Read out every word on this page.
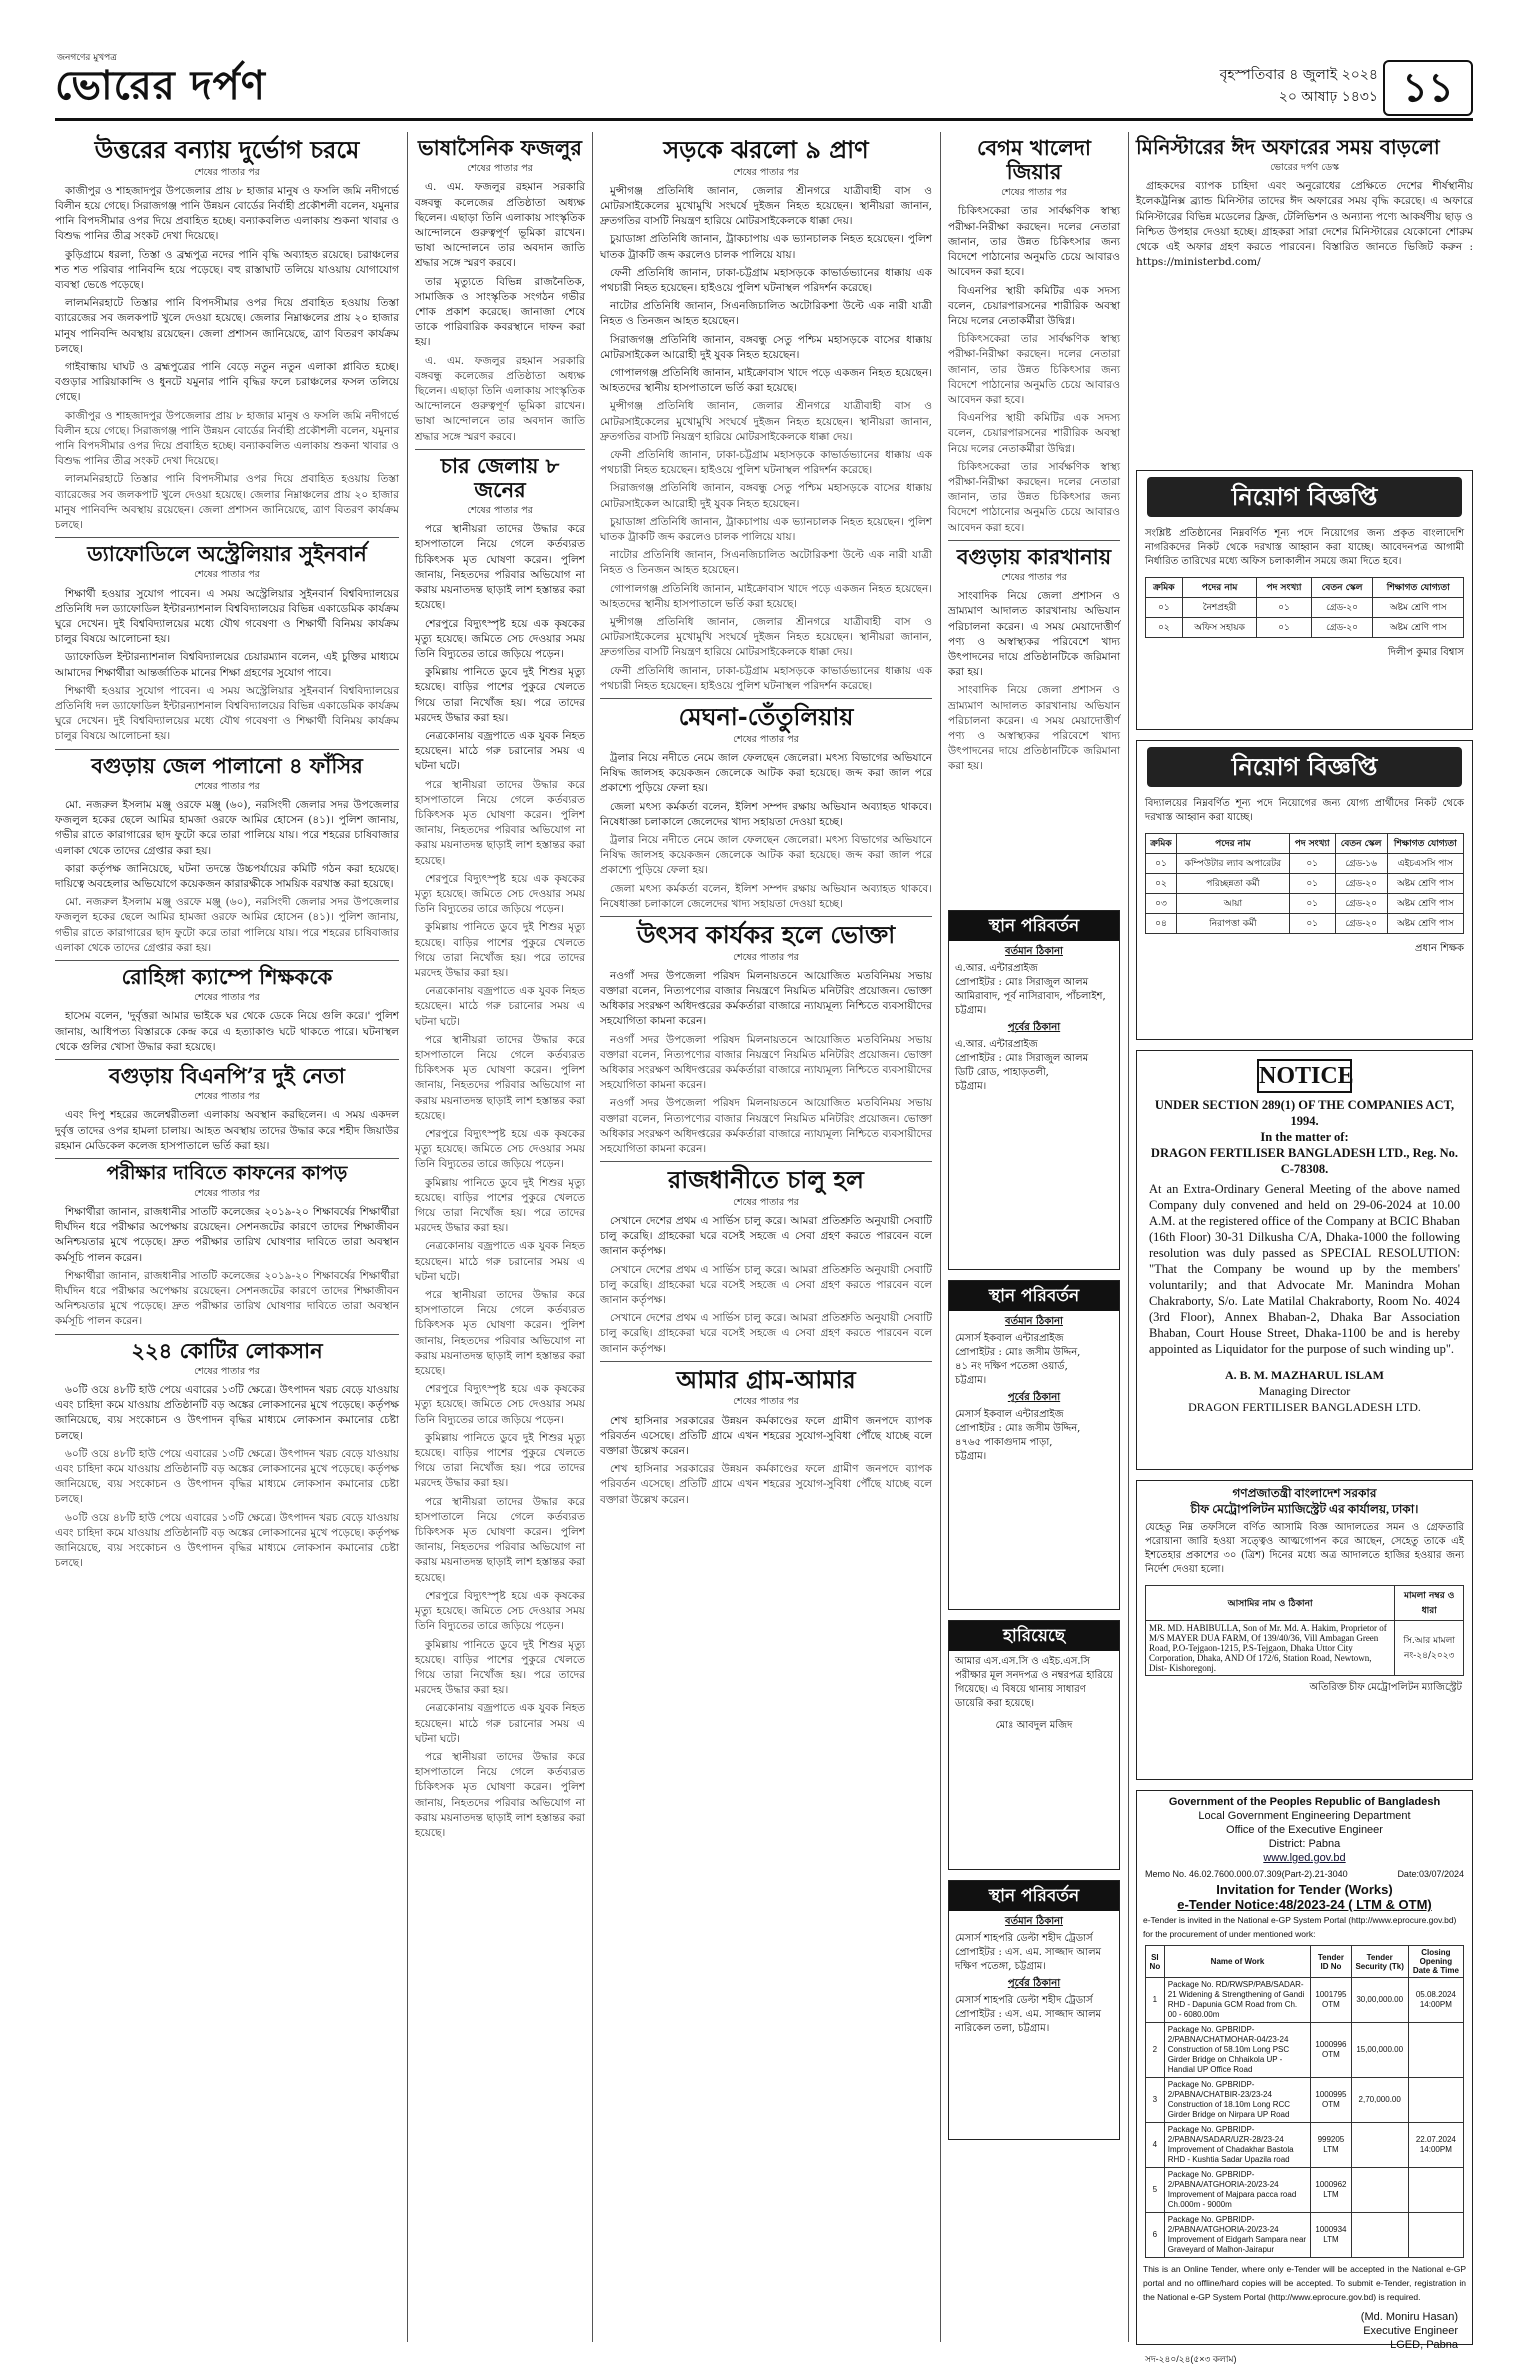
জনগণের মুখপত্র
ভোরের দর্পণ	বৃহস্পতিবার ৪ জুলাই ২০২৪
২০ আষাঢ় ১৪৩১ ১১
উত্তরের বন্যায় দুর্ভোগ চরমে
শেষের পাতার পর

কাজীপুর ও শাহজাদপুর উপজেলার প্রায় ৮ হাজার মানুষ ও ফসলি জমি নদীগর্ভে বিলীন হয়ে গেছে। সিরাজগঞ্জ পানি উন্নয়ন বোর্ডের নির্বাহী প্রকৌশলী বলেন, যমুনার পানি বিপদসীমার ওপর দিয়ে প্রবাহিত হচ্ছে। বন্যাকবলিত এলাকায় শুকনা খাবার ও বিশুদ্ধ পানির তীব্র সংকট দেখা দিয়েছে।

কুড়িগ্রামে ধরলা, তিস্তা ও ব্রহ্মপুত্র নদের পানি বৃদ্ধি অব্যাহত রয়েছে। চরাঞ্চলের শত শত পরিবার পানিবন্দি হয়ে পড়েছে। বহু রাস্তাঘাট তলিয়ে যাওয়ায় যোগাযোগ ব্যবস্থা ভেঙে পড়েছে।

লালমনিরহাটে তিস্তার পানি বিপদসীমার ওপর দিয়ে প্রবাহিত হওয়ায় তিস্তা ব্যারেজের সব জলকপাট খুলে দেওয়া হয়েছে। জেলার নিম্নাঞ্চলের প্রায় ২০ হাজার মানুষ পানিবন্দি অবস্থায় রয়েছেন। জেলা প্রশাসন জানিয়েছে, ত্রাণ বিতরণ কার্যক্রম চলছে।

গাইবান্ধায় ঘাঘট ও ব্রহ্মপুত্রের পানি বেড়ে নতুন নতুন এলাকা প্লাবিত হচ্ছে। বগুড়ার সারিয়াকান্দি ও ধুনটে যমুনার পানি বৃদ্ধির ফলে চরাঞ্চলের ফসল তলিয়ে গেছে।

কাজীপুর ও শাহজাদপুর উপজেলার প্রায় ৮ হাজার মানুষ ও ফসলি জমি নদীগর্ভে বিলীন হয়ে গেছে। সিরাজগঞ্জ পানি উন্নয়ন বোর্ডের নির্বাহী প্রকৌশলী বলেন, যমুনার পানি বিপদসীমার ওপর দিয়ে প্রবাহিত হচ্ছে। বন্যাকবলিত এলাকায় শুকনা খাবার ও বিশুদ্ধ পানির তীব্র সংকট দেখা দিয়েছে।

লালমনিরহাটে তিস্তার পানি বিপদসীমার ওপর দিয়ে প্রবাহিত হওয়ায় তিস্তা ব্যারেজের সব জলকপাট খুলে দেওয়া হয়েছে। জেলার নিম্নাঞ্চলের প্রায় ২০ হাজার মানুষ পানিবন্দি অবস্থায় রয়েছেন। জেলা প্রশাসন জানিয়েছে, ত্রাণ বিতরণ কার্যক্রম চলছে।

ড্যাফোডিলে অস্ট্রেলিয়ার সুইনবার্ন
শেষের পাতার পর

শিক্ষার্থী হওয়ার সুযোগ পাবেন। এ সময় অস্ট্রেলিয়ার সুইনবার্ন বিশ্ববিদ্যালয়ের প্রতিনিধি দল ড্যাফোডিল ইন্টারন্যাশনাল বিশ্ববিদ্যালয়ের বিভিন্ন একাডেমিক কার্যক্রম ঘুরে দেখেন। দুই বিশ্ববিদ্যালয়ের মধ্যে যৌথ গবেষণা ও শিক্ষার্থী বিনিময় কার্যক্রম চালুর বিষয়ে আলোচনা হয়।

ড্যাফোডিল ইন্টারন্যাশনাল বিশ্ববিদ্যালয়ের চেয়ারম্যান বলেন, এই চুক্তির মাধ্যমে আমাদের শিক্ষার্থীরা আন্তর্জাতিক মানের শিক্ষা গ্রহণের সুযোগ পাবে।

শিক্ষার্থী হওয়ার সুযোগ পাবেন। এ সময় অস্ট্রেলিয়ার সুইনবার্ন বিশ্ববিদ্যালয়ের প্রতিনিধি দল ড্যাফোডিল ইন্টারন্যাশনাল বিশ্ববিদ্যালয়ের বিভিন্ন একাডেমিক কার্যক্রম ঘুরে দেখেন। দুই বিশ্ববিদ্যালয়ের মধ্যে যৌথ গবেষণা ও শিক্ষার্থী বিনিময় কার্যক্রম চালুর বিষয়ে আলোচনা হয়।

বগুড়ায় জেল পালানো ৪ ফাঁসির
শেষের পাতার পর

মো. নজরুল ইসলাম মঞ্জু ওরফে মঞ্জু (৬০), নরসিংদী জেলার সদর উপজেলার ফজলুল হকের ছেলে আমির হামজা ওরফে আমির হোসেন (৪১)। পুলিশ জানায়, গভীর রাতে কারাগারের ছাদ ফুটো করে তারা পালিয়ে যায়। পরে শহরের চাষিবাজার এলাকা থেকে তাদের গ্রেপ্তার করা হয়।

কারা কর্তৃপক্ষ জানিয়েছে, ঘটনা তদন্তে উচ্চপর্যায়ের কমিটি গঠন করা হয়েছে। দায়িত্বে অবহেলার অভিযোগে কয়েকজন কারারক্ষীকে সাময়িক বরখাস্ত করা হয়েছে।

মো. নজরুল ইসলাম মঞ্জু ওরফে মঞ্জু (৬০), নরসিংদী জেলার সদর উপজেলার ফজলুল হকের ছেলে আমির হামজা ওরফে আমির হোসেন (৪১)। পুলিশ জানায়, গভীর রাতে কারাগারের ছাদ ফুটো করে তারা পালিয়ে যায়। পরে শহরের চাষিবাজার এলাকা থেকে তাদের গ্রেপ্তার করা হয়।

রোহিঙ্গা ক্যাম্পে শিক্ষককে
শেষের পাতার পর

হাসেম বলেন, 'দুর্বৃত্তরা আমার ভাইকে ঘর থেকে ডেকে নিয়ে গুলি করে।' পুলিশ জানায়, আধিপত্য বিস্তারকে কেন্দ্র করে এ হত্যাকাণ্ড ঘটে থাকতে পারে। ঘটনাস্থল থেকে গুলির খোসা উদ্ধার করা হয়েছে।

বগুড়ায় বিএনপি’র দুই নেতা
শেষের পাতার পর

এবং দিপু শহরের জলেশ্বরীতলা এলাকায় অবস্থান করছিলেন। এ সময় একদল দুর্বৃত্ত তাদের ওপর হামলা চালায়। আহত অবস্থায় তাদের উদ্ধার করে শহীদ জিয়াউর রহমান মেডিকেল কলেজ হাসপাতালে ভর্তি করা হয়।

পরীক্ষার দাবিতে কাফনের কাপড়
শেষের পাতার পর

শিক্ষার্থীরা জানান, রাজধানীর সাতটি কলেজের ২০১৯-২০ শিক্ষাবর্ষের শিক্ষার্থীরা দীর্ঘদিন ধরে পরীক্ষার অপেক্ষায় রয়েছেন। সেশনজটের কারণে তাদের শিক্ষাজীবন অনিশ্চয়তার মুখে পড়েছে। দ্রুত পরীক্ষার তারিখ ঘোষণার দাবিতে তারা অবস্থান কর্মসূচি পালন করেন।

শিক্ষার্থীরা জানান, রাজধানীর সাতটি কলেজের ২০১৯-২০ শিক্ষাবর্ষের শিক্ষার্থীরা দীর্ঘদিন ধরে পরীক্ষার অপেক্ষায় রয়েছেন। সেশনজটের কারণে তাদের শিক্ষাজীবন অনিশ্চয়তার মুখে পড়েছে। দ্রুত পরীক্ষার তারিখ ঘোষণার দাবিতে তারা অবস্থান কর্মসূচি পালন করেন।

২২৪ কোটির লোকসান
শেষের পাতার পর

৬০টি ওয়ে ৪৮টি হাউ পেয়ে এবারের ১৩টি ক্ষেত্রে। উৎপাদন খরচ বেড়ে যাওয়ায় এবং চাহিদা কমে যাওয়ায় প্রতিষ্ঠানটি বড় অঙ্কের লোকসানের মুখে পড়েছে। কর্তৃপক্ষ জানিয়েছে, ব্যয় সংকোচন ও উৎপাদন বৃদ্ধির মাধ্যমে লোকসান কমানোর চেষ্টা চলছে।

৬০টি ওয়ে ৪৮টি হাউ পেয়ে এবারের ১৩টি ক্ষেত্রে। উৎপাদন খরচ বেড়ে যাওয়ায় এবং চাহিদা কমে যাওয়ায় প্রতিষ্ঠানটি বড় অঙ্কের লোকসানের মুখে পড়েছে। কর্তৃপক্ষ জানিয়েছে, ব্যয় সংকোচন ও উৎপাদন বৃদ্ধির মাধ্যমে লোকসান কমানোর চেষ্টা চলছে।

৬০টি ওয়ে ৪৮টি হাউ পেয়ে এবারের ১৩টি ক্ষেত্রে। উৎপাদন খরচ বেড়ে যাওয়ায় এবং চাহিদা কমে যাওয়ায় প্রতিষ্ঠানটি বড় অঙ্কের লোকসানের মুখে পড়েছে। কর্তৃপক্ষ জানিয়েছে, ব্যয় সংকোচন ও উৎপাদন বৃদ্ধির মাধ্যমে লোকসান কমানোর চেষ্টা চলছে।

ভাষাসৈনিক ফজলুর
শেষের পাতার পর

এ. এম. ফজলুর রহমান সরকারি বঙ্গবন্ধু কলেজের প্রতিষ্ঠাতা অধ্যক্ষ ছিলেন। এছাড়া তিনি এলাকায় সাংস্কৃতিক আন্দোলনে গুরুত্বপূর্ণ ভূমিকা রাখেন। ভাষা আন্দোলনে তার অবদান জাতি শ্রদ্ধার সঙ্গে স্মরণ করবে।

তার মৃত্যুতে বিভিন্ন রাজনৈতিক, সামাজিক ও সাংস্কৃতিক সংগঠন গভীর শোক প্রকাশ করেছে। জানাজা শেষে তাকে পারিবারিক কবরস্থানে দাফন করা হয়।

এ. এম. ফজলুর রহমান সরকারি বঙ্গবন্ধু কলেজের প্রতিষ্ঠাতা অধ্যক্ষ ছিলেন। এছাড়া তিনি এলাকায় সাংস্কৃতিক আন্দোলনে গুরুত্বপূর্ণ ভূমিকা রাখেন। ভাষা আন্দোলনে তার অবদান জাতি শ্রদ্ধার সঙ্গে স্মরণ করবে।

চার জেলায় ৮ জনের
শেষের পাতার পর

পরে স্থানীয়রা তাদের উদ্ধার করে হাসপাতালে নিয়ে গেলে কর্তব্যরত চিকিৎসক মৃত ঘোষণা করেন। পুলিশ জানায়, নিহতদের পরিবার অভিযোগ না করায় ময়নাতদন্ত ছাড়াই লাশ হস্তান্তর করা হয়েছে।

শেরপুরে বিদ্যুৎস্পৃষ্ট হয়ে এক কৃষকের মৃত্যু হয়েছে। জমিতে সেচ দেওয়ার সময় তিনি বিদ্যুতের তারে জড়িয়ে পড়েন।

কুমিল্লায় পানিতে ডুবে দুই শিশুর মৃত্যু হয়েছে। বাড়ির পাশের পুকুরে খেলতে গিয়ে তারা নিখোঁজ হয়। পরে তাদের মরদেহ উদ্ধার করা হয়।

নেত্রকোনায় বজ্রপাতে এক যুবক নিহত হয়েছেন। মাঠে গরু চরানোর সময় এ ঘটনা ঘটে।

পরে স্থানীয়রা তাদের উদ্ধার করে হাসপাতালে নিয়ে গেলে কর্তব্যরত চিকিৎসক মৃত ঘোষণা করেন। পুলিশ জানায়, নিহতদের পরিবার অভিযোগ না করায় ময়নাতদন্ত ছাড়াই লাশ হস্তান্তর করা হয়েছে।

শেরপুরে বিদ্যুৎস্পৃষ্ট হয়ে এক কৃষকের মৃত্যু হয়েছে। জমিতে সেচ দেওয়ার সময় তিনি বিদ্যুতের তারে জড়িয়ে পড়েন।

কুমিল্লায় পানিতে ডুবে দুই শিশুর মৃত্যু হয়েছে। বাড়ির পাশের পুকুরে খেলতে গিয়ে তারা নিখোঁজ হয়। পরে তাদের মরদেহ উদ্ধার করা হয়।

নেত্রকোনায় বজ্রপাতে এক যুবক নিহত হয়েছেন। মাঠে গরু চরানোর সময় এ ঘটনা ঘটে।

পরে স্থানীয়রা তাদের উদ্ধার করে হাসপাতালে নিয়ে গেলে কর্তব্যরত চিকিৎসক মৃত ঘোষণা করেন। পুলিশ জানায়, নিহতদের পরিবার অভিযোগ না করায় ময়নাতদন্ত ছাড়াই লাশ হস্তান্তর করা হয়েছে।

শেরপুরে বিদ্যুৎস্পৃষ্ট হয়ে এক কৃষকের মৃত্যু হয়েছে। জমিতে সেচ দেওয়ার সময় তিনি বিদ্যুতের তারে জড়িয়ে পড়েন।

কুমিল্লায় পানিতে ডুবে দুই শিশুর মৃত্যু হয়েছে। বাড়ির পাশের পুকুরে খেলতে গিয়ে তারা নিখোঁজ হয়। পরে তাদের মরদেহ উদ্ধার করা হয়।

নেত্রকোনায় বজ্রপাতে এক যুবক নিহত হয়েছেন। মাঠে গরু চরানোর সময় এ ঘটনা ঘটে।

পরে স্থানীয়রা তাদের উদ্ধার করে হাসপাতালে নিয়ে গেলে কর্তব্যরত চিকিৎসক মৃত ঘোষণা করেন। পুলিশ জানায়, নিহতদের পরিবার অভিযোগ না করায় ময়নাতদন্ত ছাড়াই লাশ হস্তান্তর করা হয়েছে।

শেরপুরে বিদ্যুৎস্পৃষ্ট হয়ে এক কৃষকের মৃত্যু হয়েছে। জমিতে সেচ দেওয়ার সময় তিনি বিদ্যুতের তারে জড়িয়ে পড়েন।

কুমিল্লায় পানিতে ডুবে দুই শিশুর মৃত্যু হয়েছে। বাড়ির পাশের পুকুরে খেলতে গিয়ে তারা নিখোঁজ হয়। পরে তাদের মরদেহ উদ্ধার করা হয়।

পরে স্থানীয়রা তাদের উদ্ধার করে হাসপাতালে নিয়ে গেলে কর্তব্যরত চিকিৎসক মৃত ঘোষণা করেন। পুলিশ জানায়, নিহতদের পরিবার অভিযোগ না করায় ময়নাতদন্ত ছাড়াই লাশ হস্তান্তর করা হয়েছে।

শেরপুরে বিদ্যুৎস্পৃষ্ট হয়ে এক কৃষকের মৃত্যু হয়েছে। জমিতে সেচ দেওয়ার সময় তিনি বিদ্যুতের তারে জড়িয়ে পড়েন।

কুমিল্লায় পানিতে ডুবে দুই শিশুর মৃত্যু হয়েছে। বাড়ির পাশের পুকুরে খেলতে গিয়ে তারা নিখোঁজ হয়। পরে তাদের মরদেহ উদ্ধার করা হয়।

নেত্রকোনায় বজ্রপাতে এক যুবক নিহত হয়েছেন। মাঠে গরু চরানোর সময় এ ঘটনা ঘটে।

পরে স্থানীয়রা তাদের উদ্ধার করে হাসপাতালে নিয়ে গেলে কর্তব্যরত চিকিৎসক মৃত ঘোষণা করেন। পুলিশ জানায়, নিহতদের পরিবার অভিযোগ না করায় ময়নাতদন্ত ছাড়াই লাশ হস্তান্তর করা হয়েছে।

সড়কে ঝরলো ৯ প্রাণ
শেষের পাতার পর

মুন্সীগঞ্জ প্রতিনিধি জানান, জেলার শ্রীনগরে যাত্রীবাহী বাস ও মোটরসাইকেলের মুখোমুখি সংঘর্ষে দুইজন নিহত হয়েছেন। স্থানীয়রা জানান, দ্রুতগতির বাসটি নিয়ন্ত্রণ হারিয়ে মোটরসাইকেলকে ধাক্কা দেয়।

চুয়াডাঙ্গা প্রতিনিধি জানান, ট্রাকচাপায় এক ভ্যানচালক নিহত হয়েছেন। পুলিশ ঘাতক ট্রাকটি জব্দ করলেও চালক পালিয়ে যায়।

ফেনী প্রতিনিধি জানান, ঢাকা-চট্টগ্রাম মহাসড়কে কাভার্ডভ্যানের ধাক্কায় এক পথচারী নিহত হয়েছেন। হাইওয়ে পুলিশ ঘটনাস্থল পরিদর্শন করেছে।

নাটোর প্রতিনিধি জানান, সিএনজিচালিত অটোরিকশা উল্টে এক নারী যাত্রী নিহত ও তিনজন আহত হয়েছেন।

সিরাজগঞ্জ প্রতিনিধি জানান, বঙ্গবন্ধু সেতু পশ্চিম মহাসড়কে বাসের ধাক্কায় মোটরসাইকেল আরোহী দুই যুবক নিহত হয়েছেন।

গোপালগঞ্জ প্রতিনিধি জানান, মাইক্রোবাস খাদে পড়ে একজন নিহত হয়েছেন। আহতদের স্থানীয় হাসপাতালে ভর্তি করা হয়েছে।

মুন্সীগঞ্জ প্রতিনিধি জানান, জেলার শ্রীনগরে যাত্রীবাহী বাস ও মোটরসাইকেলের মুখোমুখি সংঘর্ষে দুইজন নিহত হয়েছেন। স্থানীয়রা জানান, দ্রুতগতির বাসটি নিয়ন্ত্রণ হারিয়ে মোটরসাইকেলকে ধাক্কা দেয়।

ফেনী প্রতিনিধি জানান, ঢাকা-চট্টগ্রাম মহাসড়কে কাভার্ডভ্যানের ধাক্কায় এক পথচারী নিহত হয়েছেন। হাইওয়ে পুলিশ ঘটনাস্থল পরিদর্শন করেছে।

সিরাজগঞ্জ প্রতিনিধি জানান, বঙ্গবন্ধু সেতু পশ্চিম মহাসড়কে বাসের ধাক্কায় মোটরসাইকেল আরোহী দুই যুবক নিহত হয়েছেন।

চুয়াডাঙ্গা প্রতিনিধি জানান, ট্রাকচাপায় এক ভ্যানচালক নিহত হয়েছেন। পুলিশ ঘাতক ট্রাকটি জব্দ করলেও চালক পালিয়ে যায়।

নাটোর প্রতিনিধি জানান, সিএনজিচালিত অটোরিকশা উল্টে এক নারী যাত্রী নিহত ও তিনজন আহত হয়েছেন।

গোপালগঞ্জ প্রতিনিধি জানান, মাইক্রোবাস খাদে পড়ে একজন নিহত হয়েছেন। আহতদের স্থানীয় হাসপাতালে ভর্তি করা হয়েছে।

মুন্সীগঞ্জ প্রতিনিধি জানান, জেলার শ্রীনগরে যাত্রীবাহী বাস ও মোটরসাইকেলের মুখোমুখি সংঘর্ষে দুইজন নিহত হয়েছেন। স্থানীয়রা জানান, দ্রুতগতির বাসটি নিয়ন্ত্রণ হারিয়ে মোটরসাইকেলকে ধাক্কা দেয়।

ফেনী প্রতিনিধি জানান, ঢাকা-চট্টগ্রাম মহাসড়কে কাভার্ডভ্যানের ধাক্কায় এক পথচারী নিহত হয়েছেন। হাইওয়ে পুলিশ ঘটনাস্থল পরিদর্শন করেছে।

মেঘনা-তেঁতুলিয়ায়
শেষের পাতার পর

ট্রলার নিয়ে নদীতে নেমে জাল ফেলছেন জেলেরা। মৎস্য বিভাগের অভিযানে নিষিদ্ধ জালসহ কয়েকজন জেলেকে আটক করা হয়েছে। জব্দ করা জাল পরে প্রকাশ্যে পুড়িয়ে ফেলা হয়।

জেলা মৎস্য কর্মকর্তা বলেন, ইলিশ সম্পদ রক্ষায় অভিযান অব্যাহত থাকবে। নিষেধাজ্ঞা চলাকালে জেলেদের খাদ্য সহায়তা দেওয়া হচ্ছে।

ট্রলার নিয়ে নদীতে নেমে জাল ফেলছেন জেলেরা। মৎস্য বিভাগের অভিযানে নিষিদ্ধ জালসহ কয়েকজন জেলেকে আটক করা হয়েছে। জব্দ করা জাল পরে প্রকাশ্যে পুড়িয়ে ফেলা হয়।

জেলা মৎস্য কর্মকর্তা বলেন, ইলিশ সম্পদ রক্ষায় অভিযান অব্যাহত থাকবে। নিষেধাজ্ঞা চলাকালে জেলেদের খাদ্য সহায়তা দেওয়া হচ্ছে।

উৎসব কার্যকর হলে ভোক্তা
শেষের পাতার পর

নওগাঁ সদর উপজেলা পরিষদ মিলনায়তনে আয়োজিত মতবিনিময় সভায় বক্তারা বলেন, নিত্যপণ্যের বাজার নিয়ন্ত্রণে নিয়মিত মনিটরিং প্রয়োজন। ভোক্তা অধিকার সংরক্ষণ অধিদপ্তরের কর্মকর্তারা বাজারে ন্যায্যমূল্য নিশ্চিতে ব্যবসায়ীদের সহযোগিতা কামনা করেন।

নওগাঁ সদর উপজেলা পরিষদ মিলনায়তনে আয়োজিত মতবিনিময় সভায় বক্তারা বলেন, নিত্যপণ্যের বাজার নিয়ন্ত্রণে নিয়মিত মনিটরিং প্রয়োজন। ভোক্তা অধিকার সংরক্ষণ অধিদপ্তরের কর্মকর্তারা বাজারে ন্যায্যমূল্য নিশ্চিতে ব্যবসায়ীদের সহযোগিতা কামনা করেন।

নওগাঁ সদর উপজেলা পরিষদ মিলনায়তনে আয়োজিত মতবিনিময় সভায় বক্তারা বলেন, নিত্যপণ্যের বাজার নিয়ন্ত্রণে নিয়মিত মনিটরিং প্রয়োজন। ভোক্তা অধিকার সংরক্ষণ অধিদপ্তরের কর্মকর্তারা বাজারে ন্যায্যমূল্য নিশ্চিতে ব্যবসায়ীদের সহযোগিতা কামনা করেন।

রাজধানীতে চালু হল
শেষের পাতার পর

সেখানে দেশের প্রথম এ সার্ভিস চালু করে। আমরা প্রতিশ্রুতি অনুযায়ী সেবাটি চালু করেছি। গ্রাহকেরা ঘরে বসেই সহজে এ সেবা গ্রহণ করতে পারবেন বলে জানান কর্তৃপক্ষ।

সেখানে দেশের প্রথম এ সার্ভিস চালু করে। আমরা প্রতিশ্রুতি অনুযায়ী সেবাটি চালু করেছি। গ্রাহকেরা ঘরে বসেই সহজে এ সেবা গ্রহণ করতে পারবেন বলে জানান কর্তৃপক্ষ।

সেখানে দেশের প্রথম এ সার্ভিস চালু করে। আমরা প্রতিশ্রুতি অনুযায়ী সেবাটি চালু করেছি। গ্রাহকেরা ঘরে বসেই সহজে এ সেবা গ্রহণ করতে পারবেন বলে জানান কর্তৃপক্ষ।

আমার গ্রাম-আমার
শেষের পাতার পর

শেখ হাসিনার সরকারের উন্নয়ন কর্মকাণ্ডের ফলে গ্রামীণ জনপদে ব্যাপক পরিবর্তন এসেছে। প্রতিটি গ্রামে এখন শহরের সুযোগ-সুবিধা পৌঁছে যাচ্ছে বলে বক্তারা উল্লেখ করেন।

শেখ হাসিনার সরকারের উন্নয়ন কর্মকাণ্ডের ফলে গ্রামীণ জনপদে ব্যাপক পরিবর্তন এসেছে। প্রতিটি গ্রামে এখন শহরের সুযোগ-সুবিধা পৌঁছে যাচ্ছে বলে বক্তারা উল্লেখ করেন।

বেগম খালেদা জিয়ার
শেষের পাতার পর

চিকিৎসকেরা তার সার্বক্ষণিক স্বাস্থ্য পরীক্ষা-নিরীক্ষা করছেন। দলের নেতারা জানান, তার উন্নত চিকিৎসার জন্য বিদেশে পাঠানোর অনুমতি চেয়ে আবারও আবেদন করা হবে।

বিএনপির স্থায়ী কমিটির এক সদস্য বলেন, চেয়ারপারসনের শারীরিক অবস্থা নিয়ে দলের নেতাকর্মীরা উদ্বিগ্ন।

চিকিৎসকেরা তার সার্বক্ষণিক স্বাস্থ্য পরীক্ষা-নিরীক্ষা করছেন। দলের নেতারা জানান, তার উন্নত চিকিৎসার জন্য বিদেশে পাঠানোর অনুমতি চেয়ে আবারও আবেদন করা হবে।

বিএনপির স্থায়ী কমিটির এক সদস্য বলেন, চেয়ারপারসনের শারীরিক অবস্থা নিয়ে দলের নেতাকর্মীরা উদ্বিগ্ন।

চিকিৎসকেরা তার সার্বক্ষণিক স্বাস্থ্য পরীক্ষা-নিরীক্ষা করছেন। দলের নেতারা জানান, তার উন্নত চিকিৎসার জন্য বিদেশে পাঠানোর অনুমতি চেয়ে আবারও আবেদন করা হবে।

বগুড়ায় কারখানায়
শেষের পাতার পর

সাংবাদিক নিয়ে জেলা প্রশাসন ও ভ্রাম্যমাণ আদালত কারখানায় অভিযান পরিচালনা করেন। এ সময় মেয়াদোত্তীর্ণ পণ্য ও অস্বাস্থ্যকর পরিবেশে খাদ্য উৎপাদনের দায়ে প্রতিষ্ঠানটিকে জরিমানা করা হয়।

সাংবাদিক নিয়ে জেলা প্রশাসন ও ভ্রাম্যমাণ আদালত কারখানায় অভিযান পরিচালনা করেন। এ সময় মেয়াদোত্তীর্ণ পণ্য ও অস্বাস্থ্যকর পরিবেশে খাদ্য উৎপাদনের দায়ে প্রতিষ্ঠানটিকে জরিমানা করা হয়।

স্থান পরিবর্তন
বর্তমান ঠিকানা
এ.আর. এন্টারপ্রাইজ
প্রোপাইটর : মোঃ সিরাজুল আলম
আমিরাবাদ, পূর্ব নাসিরাবাদ, পাঁচলাইশ,
চট্টগ্রাম।
পূর্বের ঠিকানা
এ.আর. এন্টারপ্রাইজ
প্রোপাইটর : মোঃ সিরাজুল আলম
ডিটি রোড, পাহাড়তলী,
চট্টগ্রাম।
স্থান পরিবর্তন
বর্তমান ঠিকানা
মেসার্স ইকবাল এন্টারপ্রাইজ
প্রোপাইটর : মোঃ জসীম উদ্দিন,
৪১ নং দক্ষিণ পতেঙ্গা ওয়ার্ড,
চট্টগ্রাম।
পূর্বের ঠিকানা
মেসার্স ইকবাল এন্টারপ্রাইজ
প্রোপাইটর : মোঃ জসীম উদ্দিন,
৪৭৬৫ পাকাগুদাম পাড়া,
চট্টগ্রাম।
হারিয়েছে
আমার এস.এস.সি ও এইচ.এস.সি পরীক্ষার মূল সনদপত্র ও নম্বরপত্র হারিয়ে গিয়েছে। এ বিষয়ে থানায় সাধারণ ডায়েরি করা হয়েছে।
মোঃ আবদুল মজিদ
স্থান পরিবর্তন
বর্তমান ঠিকানা
মেসার্স শাহপরি ডেল্টা শহীদ ট্রেডার্স
প্রোপাইটর : এস. এম. সাজ্জাদ আলম
দক্ষিণ পতেঙ্গা, চট্টগ্রাম।
পূর্বের ঠিকানা
মেসার্স শাহপরি ডেল্টা শহীদ ট্রেডার্স
প্রোপাইটর : এস. এম. সাজ্জাদ আলম
নারিকেল তলা, চট্টগ্রাম।
মিনিস্টারের ঈদ অফারের সময় বাড়লো
ভোরের দর্পণ ডেস্ক

গ্রাহকদের ব্যাপক চাহিদা এবং অনুরোধের প্রেক্ষিতে দেশের শীর্ষস্থানীয় ইলেকট্রনিক্স ব্র্যান্ড মিনিস্টার তাদের ঈদ অফারের সময় বৃদ্ধি করেছে। এ অফারে মিনিস্টারের বিভিন্ন মডেলের ফ্রিজ, টেলিভিশন ও অন্যান্য পণ্যে আকর্ষণীয় ছাড় ও নিশ্চিত উপহার দেওয়া হচ্ছে। গ্রাহকরা সারা দেশের মিনিস্টারের যেকোনো শোরুম থেকে এই অফার গ্রহণ করতে পারবেন। বিস্তারিত জানতে ভিজিট করুন : https://ministerbd.com/

নিয়োগ বিজ্ঞপ্তি
সংশ্লিষ্ট প্রতিষ্ঠানের নিম্নবর্ণিত শূন্য পদে নিয়োগের জন্য প্রকৃত বাংলাদেশি নাগরিকদের নিকট থেকে দরখাস্ত আহ্বান করা যাচ্ছে। আবেদনপত্র আগামী নির্ধারিত তারিখের মধ্যে অফিস চলাকালীন সময়ে জমা দিতে হবে।
ক্রমিক	পদের নাম	পদ সংখ্যা	বেতন স্কেল	শিক্ষাগত যোগ্যতা
০১	নৈশপ্রহরী	০১	গ্রেড-২০	অষ্টম শ্রেণি পাস
০২	অফিস সহায়ক	০১	গ্রেড-২০	অষ্টম শ্রেণি পাস
দিলীপ কুমার বিশ্বাস
নিয়োগ বিজ্ঞপ্তি
বিদ্যালয়ের নিম্নবর্ণিত শূন্য পদে নিয়োগের জন্য যোগ্য প্রার্থীদের নিকট থেকে দরখাস্ত আহ্বান করা যাচ্ছে।
ক্রমিক	পদের নাম	পদ সংখ্যা	বেতন স্কেল	শিক্ষাগত যোগ্যতা
০১	কম্পিউটার ল্যাব অপারেটর	০১	গ্রেড-১৬	এইচএসসি পাস
০২	পরিচ্ছন্নতা কর্মী	০১	গ্রেড-২০	অষ্টম শ্রেণি পাস
০৩	আয়া	০১	গ্রেড-২০	অষ্টম শ্রেণি পাস
০৪	নিরাপত্তা কর্মী	০১	গ্রেড-২০	অষ্টম শ্রেণি পাস
প্রধান শিক্ষক
NOTICE
UNDER SECTION 289(1) OF THE COMPANIES ACT, 1994.
In the matter of:
DRAGON FERTILISER BANGLADESH LTD., Reg. No. C-78308.
At an Extra-Ordinary General Meeting of the above named Company duly convened and held on 29-06-2024 at 10.00 A.M. at the registered office of the Company at BCIC Bhaban (16th Floor) 30-31 Dilkusha C/A, Dhaka-1000 the following resolution was duly passed as SPECIAL RESOLUTION: "That the Company be wound up by the members' voluntarily; and that Advocate Mr. Manindra Mohan Chakraborty, S/o. Late Matilal Chakraborty, Room No. 4024 (3rd Floor), Annex Bhaban-2, Dhaka Bar Association Bhaban, Court House Street, Dhaka-1100 be and is hereby appointed as Liquidator for the purpose of such winding up".
A. B. M. MAZHARUL ISLAM
Managing Director
DRAGON FERTILISER BANGLADESH LTD.
গণপ্রজাতন্ত্রী বাংলাদেশ সরকার
চীফ মেট্রোপলিটন ম্যাজিস্ট্রেট এর কার্যালয়, ঢাকা।
যেহেতু নিম্ন তফসিলে বর্ণিত আসামি বিজ্ঞ আদালতের সমন ও গ্রেফতারি পরোয়ানা জারি হওয়া সত্ত্বেও আত্মগোপন করে আছেন, সেহেতু তাকে এই ইশতেহার প্রকাশের ৩০ (ত্রিশ) দিনের মধ্যে অত্র আদালতে হাজির হওয়ার জন্য নির্দেশ দেওয়া হলো।
আসামির নাম ও ঠিকানা	মামলা নম্বর ও ধারা
MR. MD. HABIBULLA, Son of Mr. Md. A. Hakim, Proprietor of M/S MAYER DUA FARM, Of 139/40/36, Vill Ambagan Green Road, P.O-Tejgaon-1215, P.S-Tejgaon, Dhaka Uttor City Corporation, Dhaka, AND Of 172/6, Station Road, Newtown, Dist- Kishoregonj.	সি.আর মামলা নং-২৪/২০২৩
অতিরিক্ত চীফ মেট্রোপলিটন ম্যাজিস্ট্রেট
Government of the Peoples Republic of Bangladesh
Local Government Engineering Department
Office of the Executive Engineer
District: Pabna
www.lged.gov.bd
Memo No. 46.02.7600.000.07.309(Part-2).21-3040	Date:03/07/2024
Invitation for Tender (Works)
e-Tender Notice:48/2023-24 ( LTM & OTM)
e-Tender is invited in the National e-GP System Portal (http://www.eprocure.gov.bd) for the procurement of under mentioned work:
Sl No	Name of Work	Tender ID No	Tender Security (Tk)	Closing Opening Date & Time
1	Package No. RD/RWSP/PAB/SADAR-21 Widening & Strengthening of Gandi RHD - Dapunia GCM Road from Ch. 00 - 6080.00m	1001795 OTM	30,00,000.00	05.08.2024 14:00PM
2	Package No. GPBRIDP-2/PABNA/CHATMOHAR-04/23-24 Construction of 58.10m Long PSC Girder Bridge on Chhaikola UP - Handial UP Office Road	1000996 OTM	15,00,000.00	
3	Package No. GPBRIDP-2/PABNA/CHATBIR-23/23-24 Construction of 18.10m Long RCC Girder Bridge on Nirpara UP Road	1000995 OTM	2,70,000.00	
4	Package No. GPBRIDP-2/PABNA/SADAR/UZR-28/23-24 Improvement of Chadakhar Bastola RHD - Kushtia Sadar Upazila road	999205 LTM		22.07.2024 14:00PM
5	Package No. GPBRIDP-2/PABNA/ATGHORIA-20/23-24 Improvement of Majpara pacca road Ch.000m - 9000m	1000962 LTM		
6	Package No. GPBRIDP-2/PABNA/ATGHORIA-20/23-24 Improvement of Eidgarh Sampara near Graveyard of Malhon-Jairapur	1000934 LTM		
This is an Online Tender, where only e-Tender will be accepted in the National e-GP portal and no offline/hard copies will be accepted. To submit e-Tender, registration in the National e-GP System Portal (http://www.eprocure.gov.bd) is required.
(Md. Moniru Hasan)
Executive Engineer
LGED, Pabna
সদ-২৪০/২৪(৫×৩ কলাম)
